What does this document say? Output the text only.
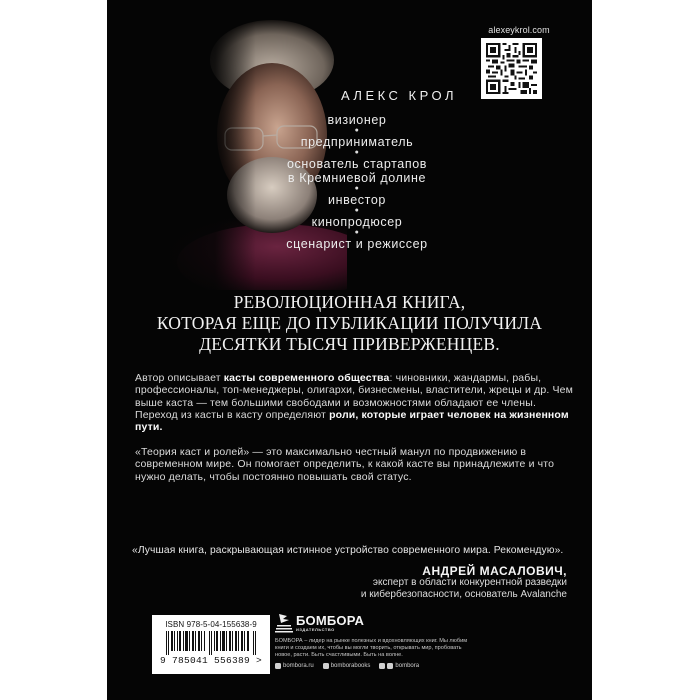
alexeykrol.com
АЛЕКС КРОЛ
визионер
●
предприниматель
●
основатель стартапов
в Кремниевой долине
●
инвестор
●
кинопродюсер
●
сценарист и режиссер
РЕВОЛЮЦИОННАЯ КНИГА,
КОТОРАЯ ЕЩЕ ДО ПУБЛИКАЦИИ ПОЛУЧИЛА
ДЕСЯТКИ ТЫСЯЧ ПРИВЕРЖЕНЦЕВ.
Автор описывает касты современного общества: чиновники, жандармы, рабы, профессионалы, топ-менеджеры, олигархи, бизнесмены, властители, жрецы и др. Чем выше каста — тем большими свободами и возможностями обладают ее члены. Переход из касты в касту определяют роли, которые играет человек на жизненном пути.
«Теория каст и ролей» — это максимально честный манул по продвижению в современном мире. Он помогает определить, к какой касте вы принадлежите и что нужно делать, чтобы постоянно повышать свой статус.
«Лучшая книга, раскрывающая истинное устройство современного мира. Рекомендую».
АНДРЕЙ МАСАЛОВИЧ,
эксперт в области конкурентной разведки
и кибербезопасности, основатель Avalanche
ISBN 978-5-04-155638-9
9 785041 556389 >
БОМБОРА
ИЗДАТЕЛЬСТВО
БОМБОРА – лидер на рынке полезных и вдохновляющих книг. Мы любим книги и создаем их, чтобы вы могли творить, открывать мир, пробовать новое, расти. Быть счастливыми. Быть на волне.
bombora.ru	bomborabooks	bombora
